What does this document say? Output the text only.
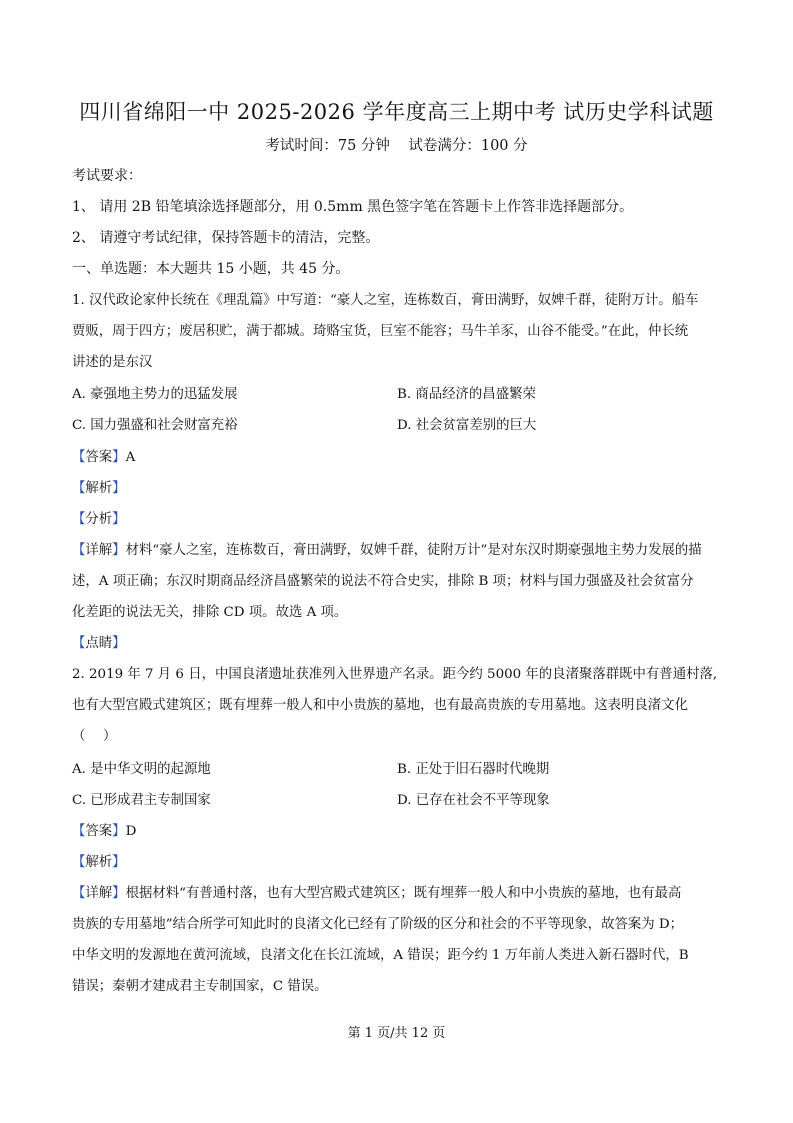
四川省绵阳一中 2025-2026 学年度高三上期中考 试历史学科试题
考试时间：75 分钟    试卷满分：100 分
考试要求：
1、 请用 2B 铅笔填涂选择题部分，用 0.5mm 黑色签字笔在答题卡上作答非选择题部分。
2、 请遵守考试纪律，保持答题卡的清洁，完整。
一、单选题：本大题共 15 小题，共 45 分。
1. 汉代政论家仲长统在《理乱篇》中写道：“豪人之室，连栋数百，膏田满野，奴婢千群，徒附万计。船车
贾贩，周于四方；废居积贮，满于都城。琦赂宝货，巨室不能容；马牛羊豕，山谷不能受。”在此，仲长统
讲述的是东汉
A. 豪强地主势力的迅猛发展	B. 商品经济的昌盛繁荣
C. 国力强盛和社会财富充裕	D. 社会贫富差别的巨大
【答案】A
【解析】
【分析】
【详解】材料“豪人之室，连栋数百，膏田满野，奴婢千群，徒附万计”是对东汉时期豪强地主势力发展的描
述，A 项正确；东汉时期商品经济昌盛繁荣的说法不符合史实，排除 B 项；材料与国力强盛及社会贫富分
化差距的说法无关，排除 CD 项。故选 A 项。
【点睛】
2. 2019 年 7 月 6 日，中国良渚遗址获准列入世界遗产名录。距今约 5000 年的良渚聚落群既中有普通村落,
也有大型宫殿式建筑区；既有埋葬一般人和中小贵族的墓地，也有最高贵族的专用墓地。这表明良渚文化
（　 ）
A. 是中华文明的起源地	B. 正处于旧石器时代晚期
C. 已形成君主专制国家	D. 已存在社会不平等现象
【答案】D
【解析】
【详解】根据材料“有普通村落，也有大型宫殿式建筑区；既有埋葬一般人和中小贵族的墓地，也有最高
贵族的专用墓地”结合所学可知此时的良渚文化已经有了阶级的区分和社会的不平等现象，故答案为 D；
中华文明的发源地在黄河流域，良渚文化在长江流域，A 错误；距今约 1 万年前人类进入新石器时代，B
错误；秦朝才建成君主专制国家，C 错误。
第 1 页/共 12 页
